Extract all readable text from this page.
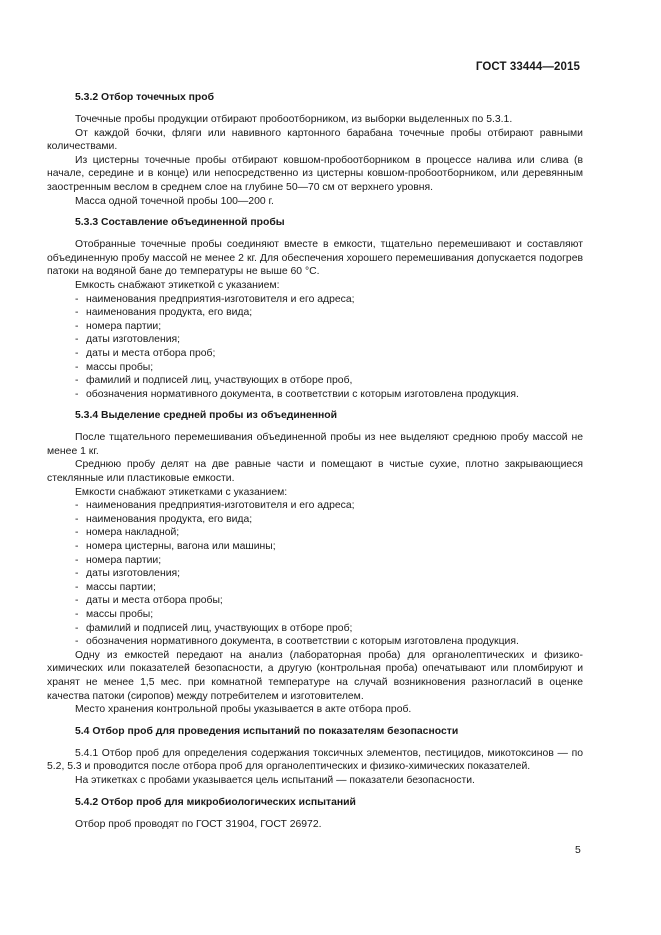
ГОСТ 33444—2015
5.3.2 Отбор точечных проб

Точечные пробы продукции отбирают пробоотборником, из выборки выделенных по 5.3.1.

От каждой бочки, фляги или навивного картонного барабана точечные пробы отбирают равными количествами.

Из цистерны точечные пробы отбирают ковшом-пробоотборником в процессе налива или слива (в начале, середине и в конце) или непосредственно из цистерны ковшом-пробоотборником, или деревянным заостренным веслом в среднем слое на глубине 50—70 см от верхнего уровня.

Масса одной точечной пробы 100—200 г.

5.3.3 Составление объединенной пробы

Отобранные точечные пробы соединяют вместе в емкости, тщательно перемешивают и составляют объединенную пробу массой не менее 2 кг. Для обеспечения хорошего перемешивания допускается подогрев патоки на водяной бане до температуры не выше 60 °C.

Емкость снабжают этикеткой с указанием:

- наименования предприятия-изготовителя и его адреса;
- наименования продукта, его вида;
- номера партии;
- даты изготовления;
- даты и места отбора проб;
- массы пробы;
- фамилий и подписей лиц, участвующих в отборе проб,
- обозначения нормативного документа, в соответствии с которым изготовлена продукция.
5.3.4 Выделение средней пробы из объединенной

После тщательного перемешивания объединенной пробы из нее выделяют среднюю пробу массой не менее 1 кг.

Среднюю пробу делят на две равные части и помещают в чистые сухие, плотно закрывающиеся стеклянные или пластиковые емкости.

Емкости снабжают этикетками с указанием:

- наименования предприятия-изготовителя и его адреса;
- наименования продукта, его вида;
- номера накладной;
- номера цистерны, вагона или машины;
- номера партии;
- даты изготовления;
- массы партии;
- даты и места отбора пробы;
- массы пробы;
- фамилий и подписей лиц, участвующих в отборе проб;
- обозначения нормативного документа, в соответствии с которым изготовлена продукция.

Одну из емкостей передают на анализ (лабораторная проба) для органолептических и физико-химических или показателей безопасности, а другую (контрольная проба) опечатывают или пломбируют и хранят не менее 1,5 мес. при комнатной температуре на случай возникновения разногласий в оценке качества патоки (сиропов) между потребителем и изготовителем.

Место хранения контрольной пробы указывается в акте отбора проб.

5.4 Отбор проб для проведения испытаний по показателям безопасности

5.4.1 Отбор проб для определения содержания токсичных элементов, пестицидов, микотоксинов — по 5.2, 5.3 и проводится после отбора проб для органолептических и физико-химических показателей.

На этикетках с пробами указывается цель испытаний — показатели безопасности.

5.4.2 Отбор проб для микробиологических испытаний

Отбор проб проводят по ГОСТ 31904, ГОСТ 26972.

5
